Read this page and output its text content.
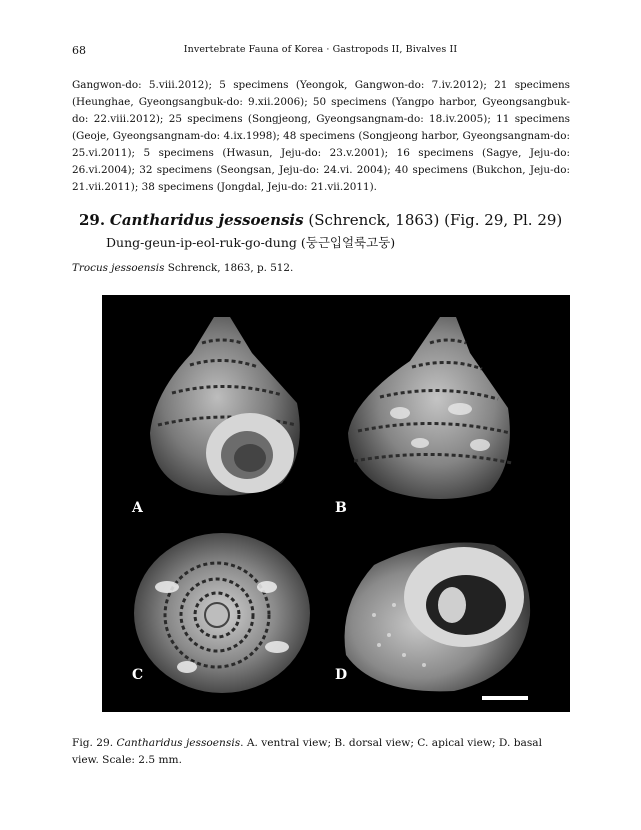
68	Invertebrate Fauna of Korea · Gastropods II, Bivalves II
Gangwon-do: 5.viii.2012); 5 specimens (Yeongok, Gangwon-do: 7.iv.2012); 21 specimens (Heunghae, Gyeongsangbuk-do: 9.xii.2006); 50 specimens (Yangpo harbor, Gyeongsangbuk-do: 22.viii.2012); 25 specimens (Songjeong, Gyeongsangnam-do: 18.iv.2005); 11 specimens (Geoje, Gyeongsangnam-do: 4.ix.1998); 48 specimens (Songjeong harbor, Gyeongsangnam-do: 25.vi.2011); 5 specimens (Hwasun, Jeju-do: 23.v.2001); 16 specimens (Sagye, Jeju-do: 26.vi.2004); 32 specimens (Seongsan, Jeju-do: 24.vi. 2004); 40 specimens (Bukchon, Jeju-do: 21.vii.2011); 38 specimens (Jongdal, Jeju-do: 21.vii.2011).
29. Cantharidus jessoensis (Schrenck, 1863) (Fig. 29, Pl. 29)
Dung-geun-ip-eol-ruk-go-dung (둥근입얼룩고둥)
Trocus jessoensis Schrenck, 1863, p. 512.
A	B
C	D
Fig. 29. Cantharidus jessoensis. A. ventral view; B. dorsal view; C. apical view; D. basal view. Scale: 2.5 mm.
